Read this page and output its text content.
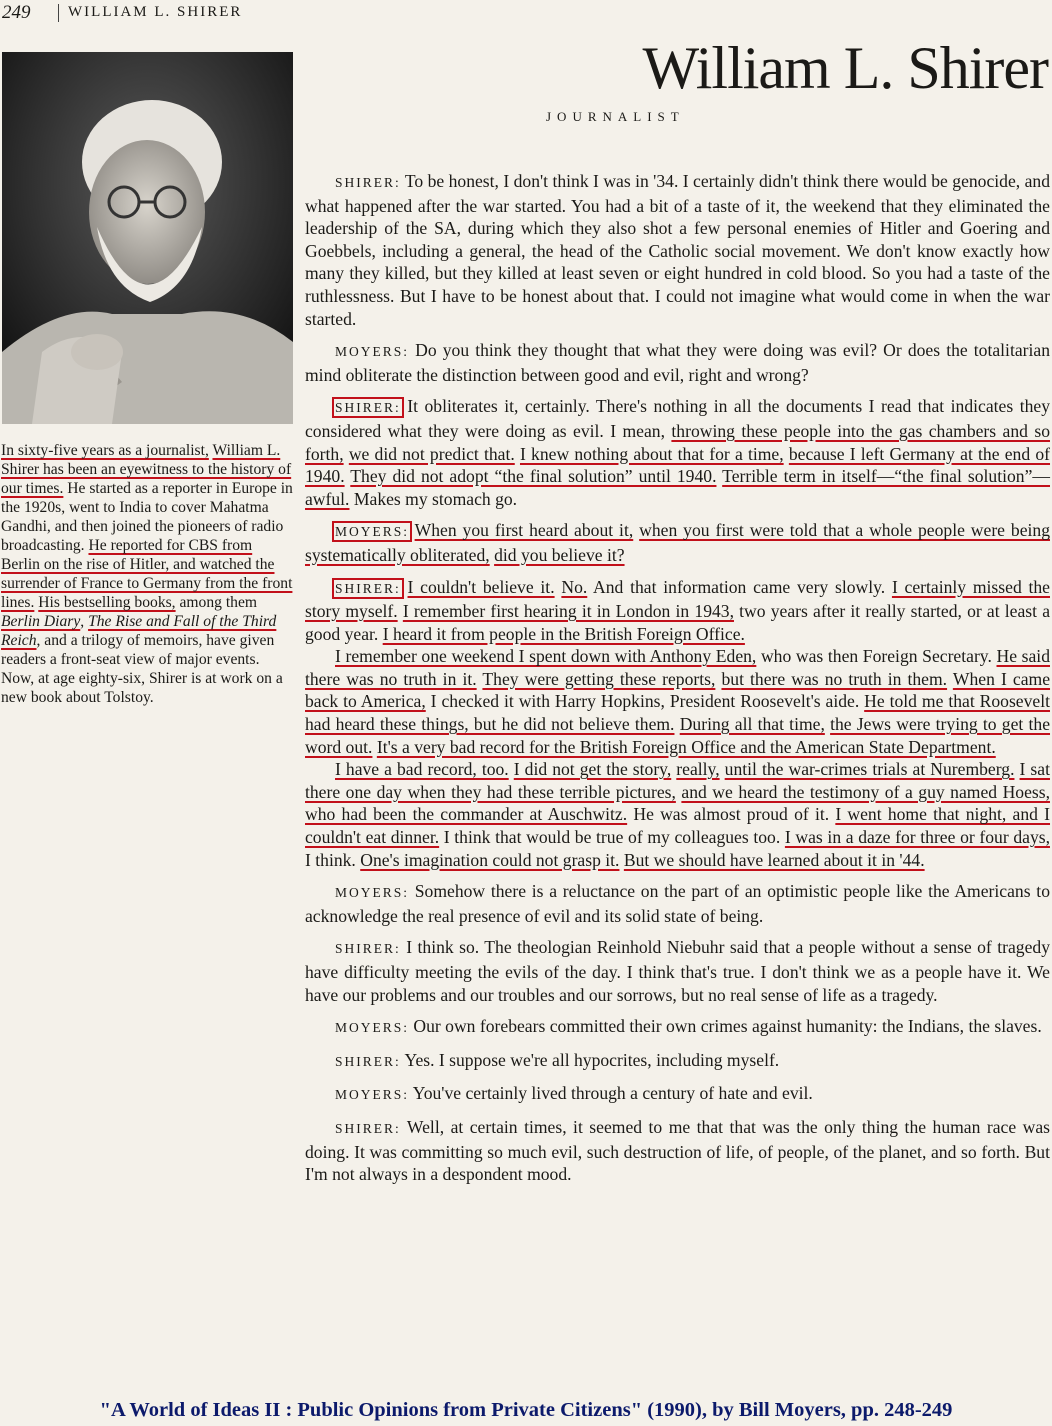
249	WILLIAM L. SHIRER

In sixty-five years as a journalist, William L. Shirer has been an eyewitness to the history of our times. He started as a reporter in Europe in the 1920s, went to India to cover Mahatma Gandhi, and then joined the pioneers of radio broadcasting. He reported for CBS from Berlin on the rise of Hitler, and watched the surrender of France to Germany from the front lines. His bestselling books, among them Berlin Diary, The Rise and Fall of the Third Reich, and a trilogy of memoirs, have given readers a front-seat view of major events. Now, at age eighty-six, Shirer is at work on a new book about Tolstoy.

William L. Shirer
JOURNALIST

SHIRER: To be honest, I don't think I was in '34. I certainly didn't think there would be genocide, and what happened after the war started. You had a bit of a taste of it, the weekend that they eliminated the leadership of the SA, during which they also shot a few personal enemies of Hitler and Goering and Goebbels, including a general, the head of the Catholic social movement. We don't know exactly how many they killed, but they killed at least seven or eight hundred in cold blood. So you had a taste of the ruthlessness. But I have to be honest about that. I could not imagine what would come in when the war started.

MOYERS: Do you think they thought that what they were doing was evil? Or does the totalitarian mind obliterate the distinction between good and evil, right and wrong?

SHIRER: It obliterates it, certainly. There's nothing in all the documents I read that indicates they considered what they were doing as evil. I mean, throwing these people into the gas chambers and so forth, we did not predict that. I knew nothing about that for a time, because I left Germany at the end of 1940. They did not adopt “the final solution” until 1940. Terrible term in itself—“the final solution”—awful. Makes my stomach go.

MOYERS: When you first heard about it, when you first were told that a whole people were being systematically obliterated, did you believe it?

SHIRER: I couldn't believe it. No. And that information came very slowly. I certainly missed the story myself. I remember first hearing it in London in 1943, two years after it really started, or at least a good year. I heard it from people in the British Foreign Office.

I remember one weekend I spent down with Anthony Eden, who was then Foreign Secretary. He said there was no truth in it. They were getting these reports, but there was no truth in them. When I came back to America, I checked it with Harry Hopkins, President Roosevelt's aide. He told me that Roosevelt had heard these things, but he did not believe them. During all that time, the Jews were trying to get the word out. It's a very bad record for the British Foreign Office and the American State Department.

I have a bad record, too. I did not get the story, really, until the war-crimes trials at Nuremberg. I sat there one day when they had these terrible pictures, and we heard the testimony of a guy named Hoess, who had been the commander at Auschwitz. He was almost proud of it. I went home that night, and I couldn't eat dinner. I think that would be true of my colleagues too. I was in a daze for three or four days, I think. One's imagination could not grasp it. But we should have learned about it in '44.

MOYERS: Somehow there is a reluctance on the part of an optimistic people like the Americans to acknowledge the real presence of evil and its solid state of being.

SHIRER: I think so. The theologian Reinhold Niebuhr said that a people without a sense of tragedy have difficulty meeting the evils of the day. I think that's true. I don't think we as a people have it. We have our problems and our troubles and our sorrows, but no real sense of life as a tragedy.

MOYERS: Our own forebears committed their own crimes against humanity: the Indians, the slaves.

SHIRER: Yes. I suppose we're all hypocrites, including myself.

MOYERS: You've certainly lived through a century of hate and evil.

SHIRER: Well, at certain times, it seemed to me that that was the only thing the human race was doing. It was committing so much evil, such destruction of life, of people, of the planet, and so forth. But I'm not always in a despondent mood.

"A World of Ideas II : Public Opinions from Private Citizens" (1990), by Bill Moyers, pp. 248-249
